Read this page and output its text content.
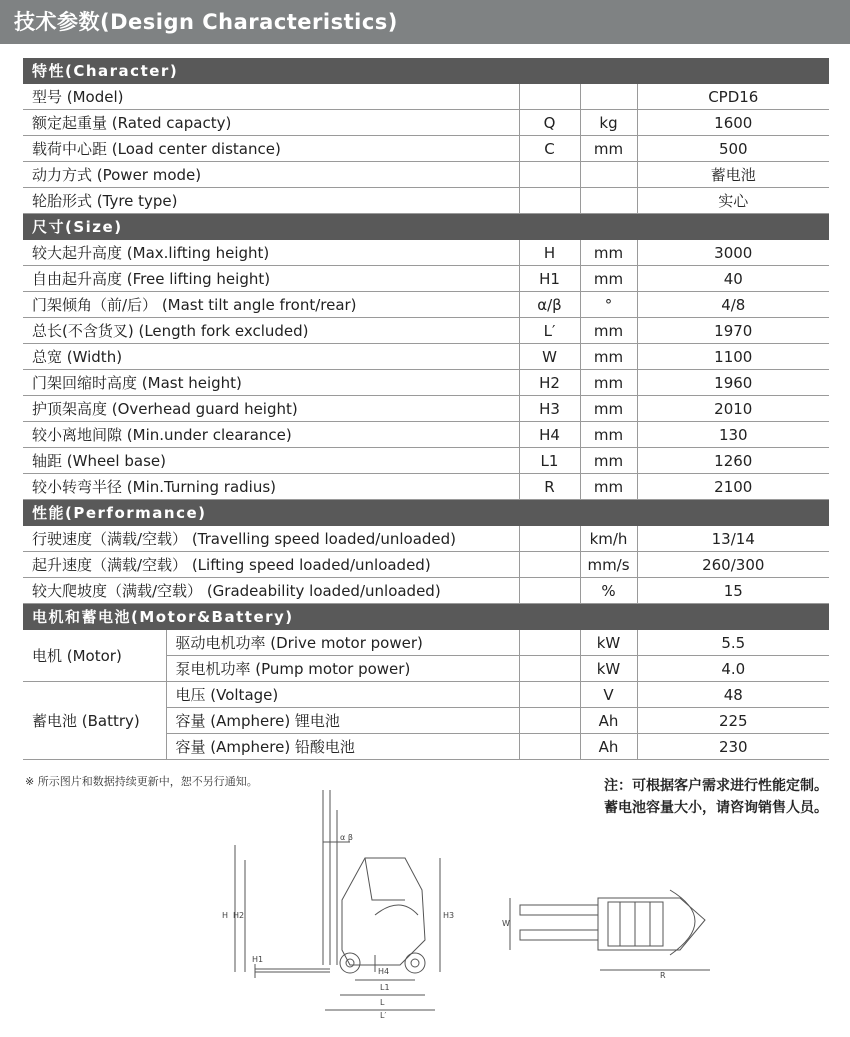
技术参数(Design Characteristics)
特性(Character)				
型号 (Model)				CPD16
额定起重量 (Rated capacty)		Q	kg	1600
载荷中心距 (Load center distance)		C	mm	500
动力方式 (Power mode)				蓄电池
轮胎形式 (Tyre type)				实心
尺寸(Size)				
较大起升高度 (Max.lifting height)		H	mm	3000
自由起升高度 (Free lifting height)		H1	mm	40
门架倾角（前/后） (Mast tilt angle front/rear)		α/β	°	4/8
总长(不含货叉) (Length fork excluded)		L′	mm	1970
总宽 (Width)		W	mm	1100
门架回缩时高度 (Mast height)		H2	mm	1960
护顶架高度 (Overhead guard height)		H3	mm	2010
较小离地间隙 (Min.under clearance)		H4	mm	130
轴距 (Wheel base)		L1	mm	1260
较小转弯半径 (Min.Turning radius)		R	mm	2100
性能(Performance)				
行驶速度（满载/空载） (Travelling speed loaded/unloaded)			km/h	13/14
起升速度（满载/空载） (Lifting speed loaded/unloaded)			mm/s	260/300
较大爬坡度（满载/空载） (Gradeability loaded/unloaded)			%	15
电机和蓄电池(Motor&Battery)				
电机 (Motor)	驱动电机功率 (Drive motor power)		kW	5.5
	泵电机功率 (Pump motor power)		kW	4.0
蓄电池 (Battry)	电压 (Voltage)		V	48
	容量 (Amphere) 锂电池		Ah	225
	容量 (Amphere) 铅酸电池		Ah	230
※ 所示图片和数据持续更新中，恕不另行通知。	注：可根据客户需求进行性能定制。
蓄电池容量大小，请咨询销售人员。
H H2
H1
H3
H4
L1
L
L′
W
R
α β
